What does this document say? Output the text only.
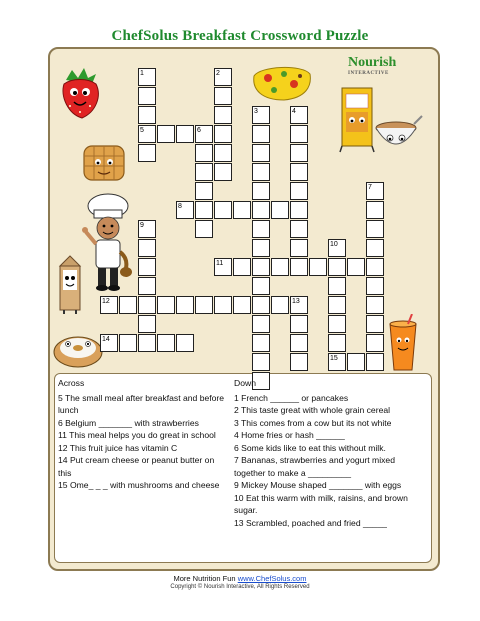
ChefSolus Breakfast Crossword Puzzle
Nourish
INTERACTIVE
1
5
2
3	4
6
7
8
9
10
15
11
12	13
14
Across
5 The small meal after breakfast and before lunch
6 Belgium _______ with strawberries
11 This meal helps you do great in school
12 This fruit juice has vitamin C
14 Put cream cheese or peanut butter on this
15 Ome_ _ _ with mushrooms and cheese
Down
1 French ______ or pancakes
2 This taste great with whole grain cereal
3 This comes from a cow but its not white
4 Home fries or hash ______
6 Some kids like to eat this without milk.
7 Bananas, strawberries and yogurt mixed together to make a _________
9 Mickey Mouse shaped _______ with eggs
10 Eat this warm with milk, raisins, and brown sugar.
13 Scrambled, poached and fried _____
More Nutrition Fun www.ChefSolus.com
Copyright © Nourish Interactive, All Rights Reserved
